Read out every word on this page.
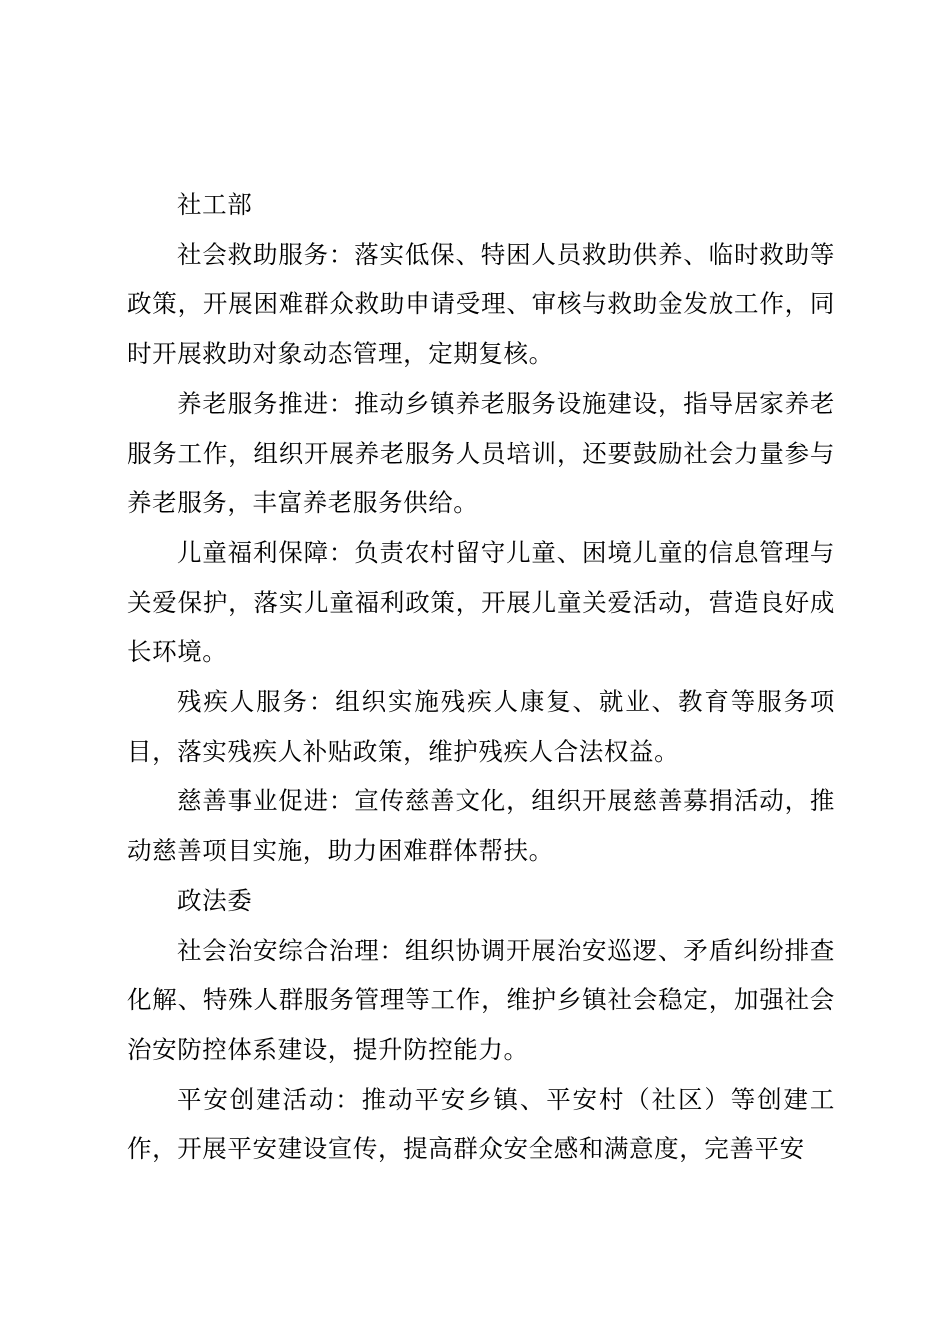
社工部

社会救助服务：落实低保、特困人员救助供养、临时救助等政策，开展困难群众救助申请受理、审核与救助金发放工作，同时开展救助对象动态管理，定期复核。

养老服务推进：推动乡镇养老服务设施建设，指导居家养老服务工作，组织开展养老服务人员培训，还要鼓励社会力量参与养老服务，丰富养老服务供给。

儿童福利保障：负责农村留守儿童、困境儿童的信息管理与关爱保护，落实儿童福利政策，开展儿童关爱活动，营造良好成长环境。

残疾人服务：组织实施残疾人康复、就业、教育等服务项目，落实残疾人补贴政策，维护残疾人合法权益。

慈善事业促进：宣传慈善文化，组织开展慈善募捐活动，推动慈善项目实施，助力困难群体帮扶。

政法委

社会治安综合治理：组织协调开展治安巡逻、矛盾纠纷排查化解、特殊人群服务管理等工作，维护乡镇社会稳定，加强社会治安防控体系建设，提升防控能力。

平安创建活动：推动平安乡镇、平安村（社区）等创建工作，开展平安建设宣传，提高群众安全感和满意度，完善平安
